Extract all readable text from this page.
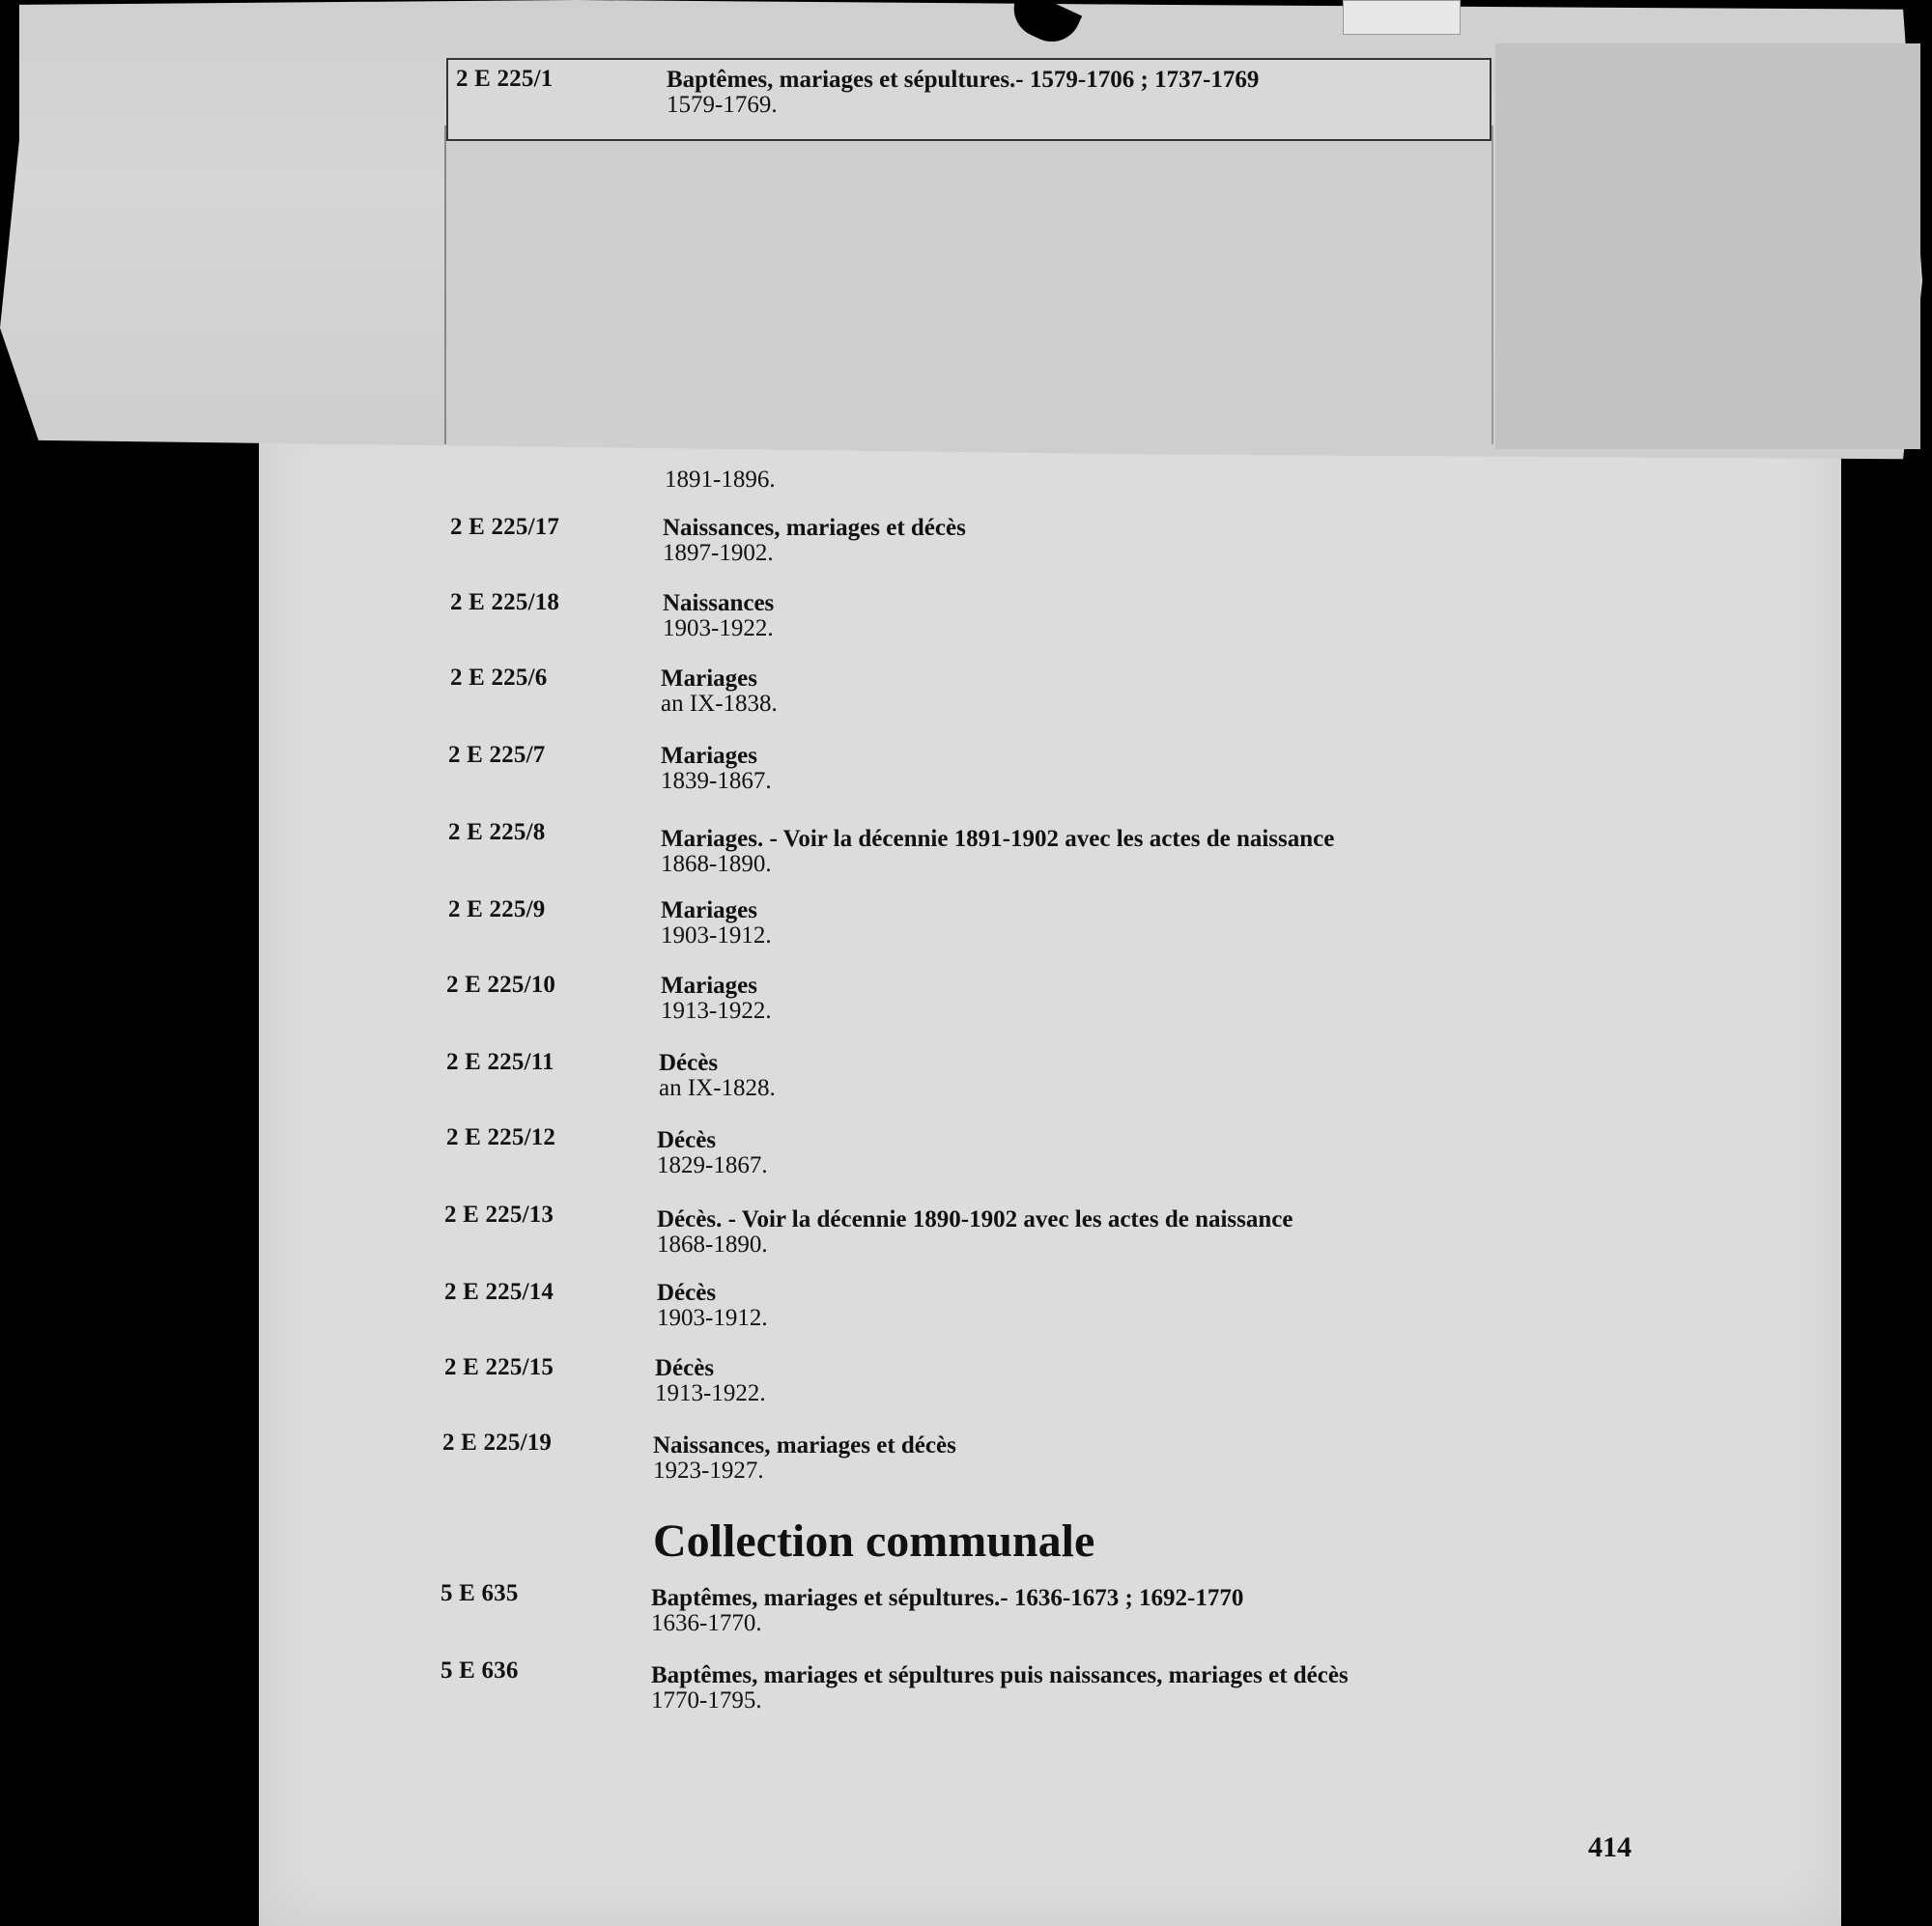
2 E 225/1	Baptêmes, mariages et sépultures.- 1579-1706 ; 1737-1769
1579-1769.
1891-1896.
2 E 225/17	Naissances, mariages et décès
1897-1902.
2 E 225/18	Naissances
1903-1922.
2 E 225/6	Mariages
an IX-1838.
2 E 225/7	Mariages
1839-1867.
2 E 225/8	Mariages. - Voir la décennie 1891-1902 avec les actes de naissance
1868-1890.
2 E 225/9	Mariages
1903-1912.
2 E 225/10	Mariages
1913-1922.
2 E 225/11	Décès
an IX-1828.
2 E 225/12	Décès
1829-1867.
2 E 225/13	Décès. - Voir la décennie 1890-1902 avec les actes de naissance
1868-1890.
2 E 225/14	Décès
1903-1912.
2 E 225/15	Décès
1913-1922.
2 E 225/19	Naissances, mariages et décès
1923-1927.
Collection communale
5 E 635	Baptêmes, mariages et sépultures.- 1636-1673 ; 1692-1770
1636-1770.
5 E 636	Baptêmes, mariages et sépultures puis naissances, mariages et décès
1770-1795.
414
